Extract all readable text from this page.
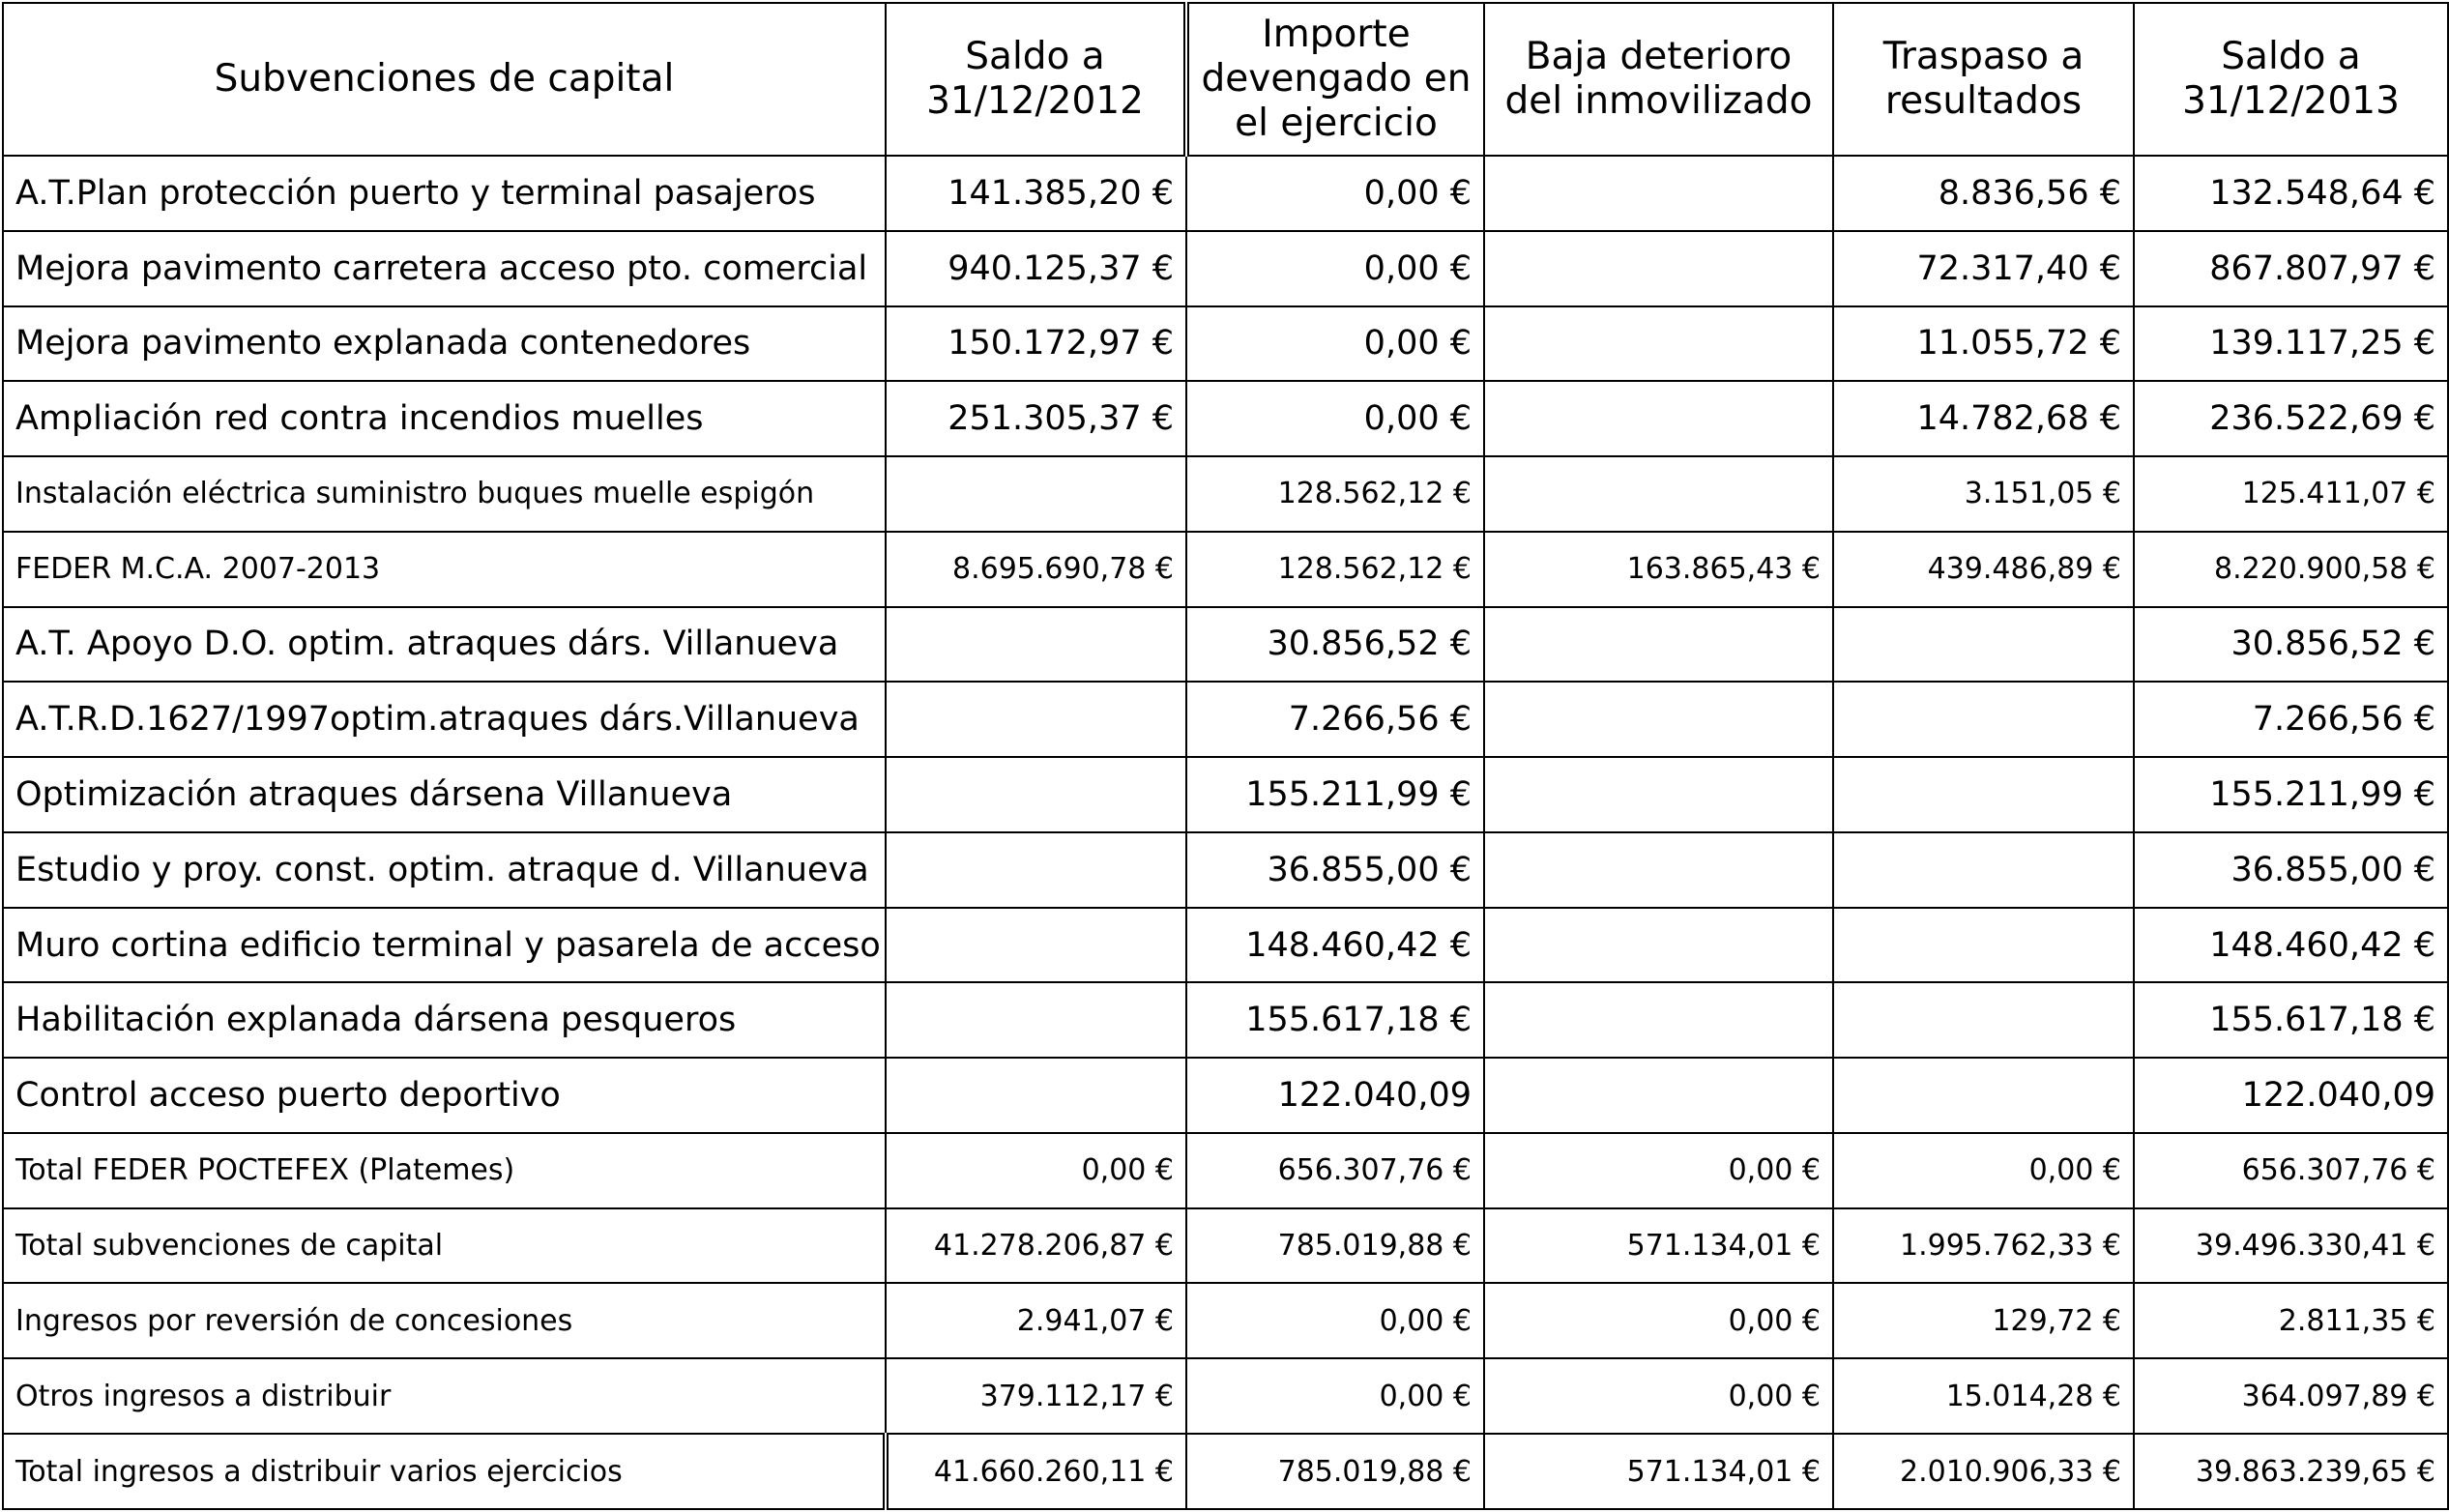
Subvenciones de capital	Saldo a 31/12/2012	Importe devengado en el ejercicio	Baja deterioro del inmovilizado	Traspaso a resultados	Saldo a 31/12/2013
A.T.Plan protección puerto y terminal pasajeros	141.385,20 €	0,00 €		8.836,56 €	132.548,64 €
Mejora pavimento carretera acceso pto. comercial	940.125,37 €	0,00 €		72.317,40 €	867.807,97 €
Mejora pavimento explanada contenedores	150.172,97 €	0,00 €		11.055,72 €	139.117,25 €
Ampliación red contra incendios muelles	251.305,37 €	0,00 €		14.782,68 €	236.522,69 €
Instalación eléctrica suministro buques muelle espigón		128.562,12 €		3.151,05 €	125.411,07 €
FEDER M.C.A. 2007-2013	8.695.690,78 €	128.562,12 €	163.865,43 €	439.486,89 €	8.220.900,58 €
A.T. Apoyo D.O. optim. atraques dárs. Villanueva		30.856,52 €			30.856,52 €
A.T.R.D.1627/1997optim.atraques dárs.Villanueva		7.266,56 €			7.266,56 €
Optimización atraques dársena Villanueva		155.211,99 €			155.211,99 €
Estudio y proy. const. optim. atraque d. Villanueva		36.855,00 €			36.855,00 €
Muro cortina edificio terminal y pasarela de acceso		148.460,42 €			148.460,42 €
Habilitación explanada dársena pesqueros		155.617,18 €			155.617,18 €
Control acceso puerto deportivo		122.040,09			122.040,09
Total FEDER POCTEFEX (Platemes)	0,00 €	656.307,76 €	0,00 €	0,00 €	656.307,76 €
Total subvenciones de capital	41.278.206,87 €	785.019,88 €	571.134,01 €	1.995.762,33 €	39.496.330,41 €
Ingresos por reversión de concesiones	2.941,07 €	0,00 €	0,00 €	129,72 €	2.811,35 €
Otros ingresos a distribuir	379.112,17 €	0,00 €	0,00 €	15.014,28 €	364.097,89 €
Total ingresos a distribuir varios ejercicios	41.660.260,11 €	785.019,88 €	571.134,01 €	2.010.906,33 €	39.863.239,65 €
